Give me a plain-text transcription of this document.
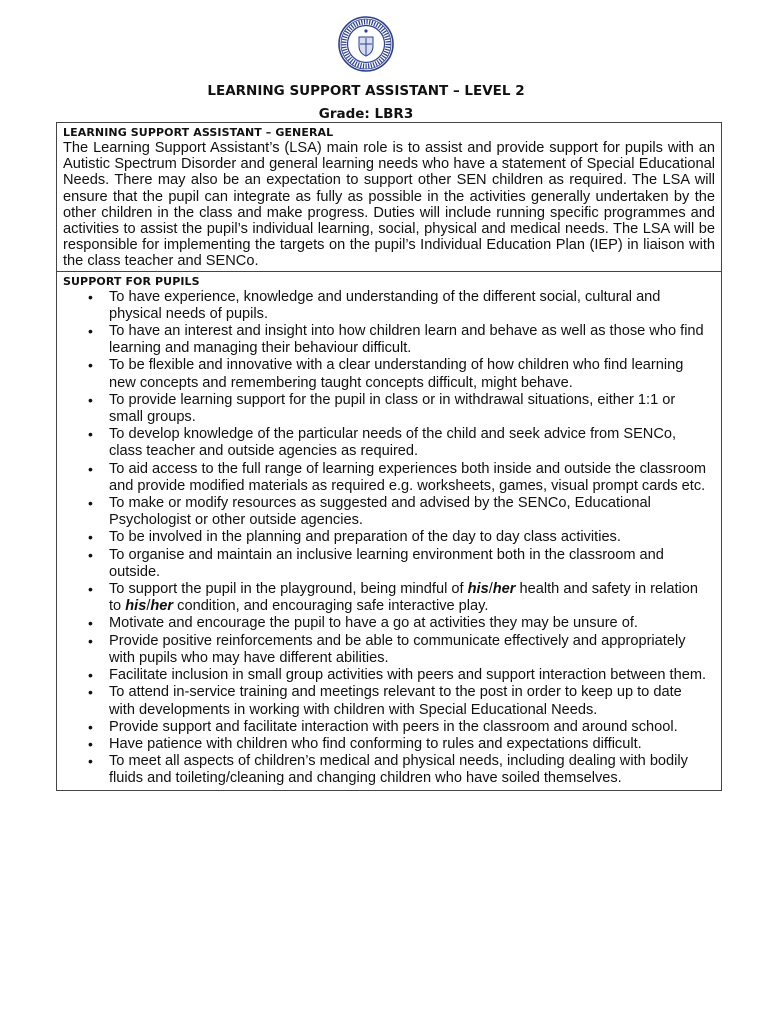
LEARNING SUPPORT ASSISTANT – LEVEL 2
Grade: LBR3
LEARNING SUPPORT ASSISTANT – GENERAL

The Learning Support Assistant’s (LSA) main role is to assist and provide support for pupils with an Autistic Spectrum Disorder and general learning needs who have a statement of Special Educational Needs. There may also be an expectation to support other SEN children as required. The LSA will ensure that the pupil can integrate as fully as possible in the activities generally undertaken by the other children in the class and make progress. Duties will include running specific programmes and activities to assist the pupil’s individual learning, social, physical and medical needs. The LSA will be responsible for implementing the targets on the pupil’s Individual Education Plan (IEP) in liaison with the class teacher and SENCo.

SUPPORT FOR PUPILS
• To have experience, knowledge and understanding of the different social, cultural and physical needs of pupils.
• To have an interest and insight into how children learn and behave as well as those who find learning and managing their behaviour difficult.
• To be flexible and innovative with a clear understanding of how children who find learning new concepts and remembering taught concepts difficult, might behave.
• To provide learning support for the pupil in class or in withdrawal situations, either 1:1 or small groups.
• To develop knowledge of the particular needs of the child and seek advice from SENCo, class teacher and outside agencies as required.
• To aid access to the full range of learning experiences both inside and outside the classroom and provide modified materials as required e.g. worksheets, games, visual prompt cards etc.
• To make or modify resources as suggested and advised by the SENCo, Educational Psychologist or other outside agencies.
• To be involved in the planning and preparation of the day to day class activities.
• To organise and maintain an inclusive learning environment both in the classroom and outside.
• To support the pupil in the playground, being mindful of his/her health and safety in relation to his/her condition, and encouraging safe interactive play.
• Motivate and encourage the pupil to have a go at activities they may be unsure of.
• Provide positive reinforcements and be able to communicate effectively and appropriately with pupils who may have different abilities.
• Facilitate inclusion in small group activities with peers and support interaction between them.
• To attend in-service training and meetings relevant to the post in order to keep up to date with developments in working with children with Special Educational Needs.
• Provide support and facilitate interaction with peers in the classroom and around school.
• Have patience with children who find conforming to rules and expectations difficult.
• To meet all aspects of children’s medical and physical needs, including dealing with bodily fluids and toileting/cleaning and changing children who have soiled themselves.
